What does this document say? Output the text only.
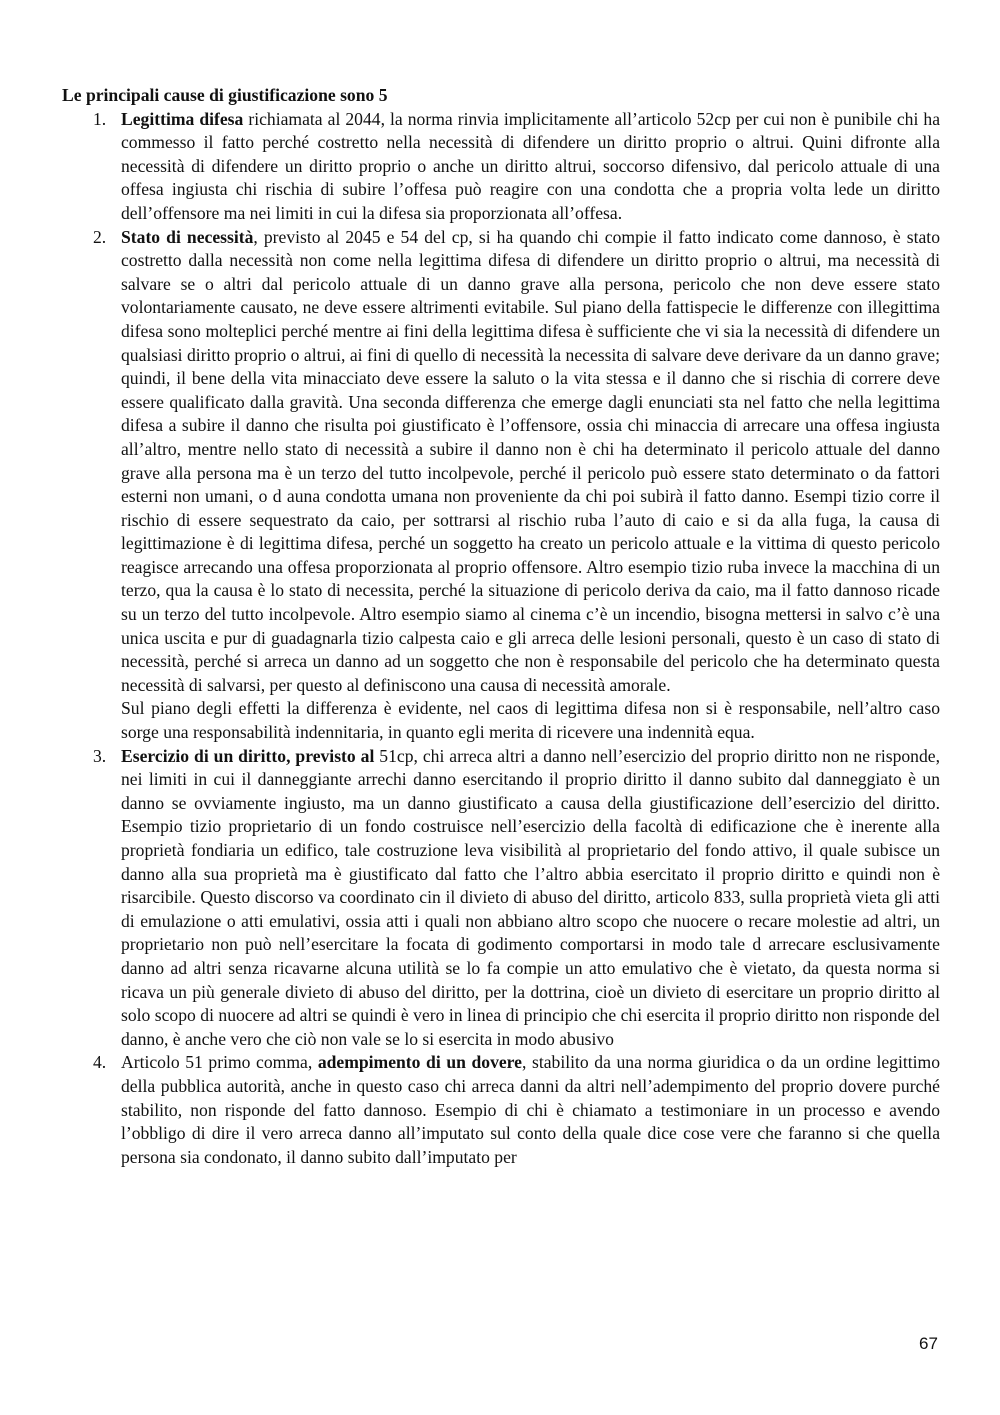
Le principali cause di giustificazione sono 5

1. Legittima difesa richiamata al 2044, la norma rinvia implicitamente all’articolo 52cp per cui non è punibile chi ha commesso il fatto perché costretto nella necessità di difendere un diritto proprio o altrui. Quini difronte alla necessità di difendere un diritto proprio o anche un diritto altrui, soccorso difensivo, dal pericolo attuale di una offesa ingiusta chi rischia di subire l’offesa può reagire con una condotta che a propria volta lede un diritto dell’offensore ma nei limiti in cui la difesa sia proporzionata all’offesa.
2. Stato di necessità, previsto al 2045 e 54 del cp, si ha quando chi compie il fatto indicato come dannoso, è stato costretto dalla necessità non come nella legittima difesa di difendere un diritto proprio o altrui, ma necessità di salvare se o altri dal pericolo attuale di un danno grave alla persona, pericolo che non deve essere stato volontariamente causato, ne deve essere altrimenti evitabile. Sul piano della fattispecie le differenze con illegittima difesa sono molteplici perché mentre ai fini della legittima difesa è sufficiente che vi sia la necessità di difendere un qualsiasi diritto proprio o altrui, ai fini di quello di necessità la necessita di salvare deve derivare da un danno grave; quindi, il bene della vita minacciato deve essere la saluto o la vita stessa e il danno che si rischia di correre deve essere qualificato dalla gravità. Una seconda differenza che emerge dagli enunciati sta nel fatto che nella legittima difesa a subire il danno che risulta poi giustificato è l’offensore, ossia chi minaccia di arrecare una offesa ingiusta all’altro, mentre nello stato di necessità a subire il danno non è chi ha determinato il pericolo attuale del danno grave alla persona ma è un terzo del tutto incolpevole, perché il pericolo può essere stato determinato o da fattori esterni non umani, o d auna condotta umana non proveniente da chi poi subirà il fatto danno. Esempi tizio corre il rischio di essere sequestrato da caio, per sottrarsi al rischio ruba l’auto di caio e si da alla fuga, la causa di legittimazione è di legittima difesa, perché un soggetto ha creato un pericolo attuale e la vittima di questo pericolo reagisce arrecando una offesa proporzionata al proprio offensore. Altro esempio tizio ruba invece la macchina di un terzo, qua la causa è lo stato di necessita, perché la situazione di pericolo deriva da caio, ma il fatto dannoso ricade su un terzo del tutto incolpevole. Altro esempio siamo al cinema c’è un incendio, bisogna mettersi in salvo c’è una unica uscita e pur di guadagnarla tizio calpesta caio e gli arreca delle lesioni personali, questo è un caso di stato di necessità, perché si arreca un danno ad un soggetto che non è responsabile del pericolo che ha determinato questa necessità di salvarsi, per questo al definiscono una causa di necessità amorale.
Sul piano degli effetti la differenza è evidente, nel caos di legittima difesa non si è responsabile, nell’altro caso sorge una responsabilità indennitaria, in quanto egli merita di ricevere una indennità equa.
3. Esercizio di un diritto, previsto al 51cp, chi arreca altri a danno nell’esercizio del proprio diritto non ne risponde, nei limiti in cui il danneggiante arrechi danno esercitando il proprio diritto il danno subito dal danneggiato è un danno se ovviamente ingiusto, ma un danno giustificato a causa della giustificazione dell’esercizio del diritto. Esempio tizio proprietario di un fondo costruisce nell’esercizio della facoltà di edificazione che è inerente alla proprietà fondiaria un edifico, tale costruzione leva visibilità al proprietario del fondo attivo, il quale subisce un danno alla sua proprietà ma è giustificato dal fatto che l’altro abbia esercitato il proprio diritto e quindi non è risarcibile. Questo discorso va coordinato cin il divieto di abuso del diritto, articolo 833, sulla proprietà vieta gli atti di emulazione o atti emulativi, ossia atti i quali non abbiano altro scopo che nuocere o recare molestie ad altri, un proprietario non può nell’esercitare la focata di godimento comportarsi in modo tale d arrecare esclusivamente danno ad altri senza ricavarne alcuna utilità se lo fa compie un atto emulativo che è vietato, da questa norma si ricava un più generale divieto di abuso del diritto, per la dottrina, cioè un divieto di esercitare un proprio diritto al solo scopo di nuocere ad altri se quindi è vero in linea di principio che chi esercita il proprio diritto non risponde del danno, è anche vero che ciò non vale se lo si esercita in modo abusivo
4. Articolo 51 primo comma, adempimento di un dovere, stabilito da una norma giuridica o da un ordine legittimo della pubblica autorità, anche in questo caso chi arreca danni da altri nell’adempimento del proprio dovere purché stabilito, non risponde del fatto dannoso. Esempio di chi è chiamato a testimoniare in un processo e avendo l’obbligo di dire il vero arreca danno all’imputato sul conto della quale dice cose vere che faranno si che quella persona sia condonato, il danno subito dall’imputato per
67
